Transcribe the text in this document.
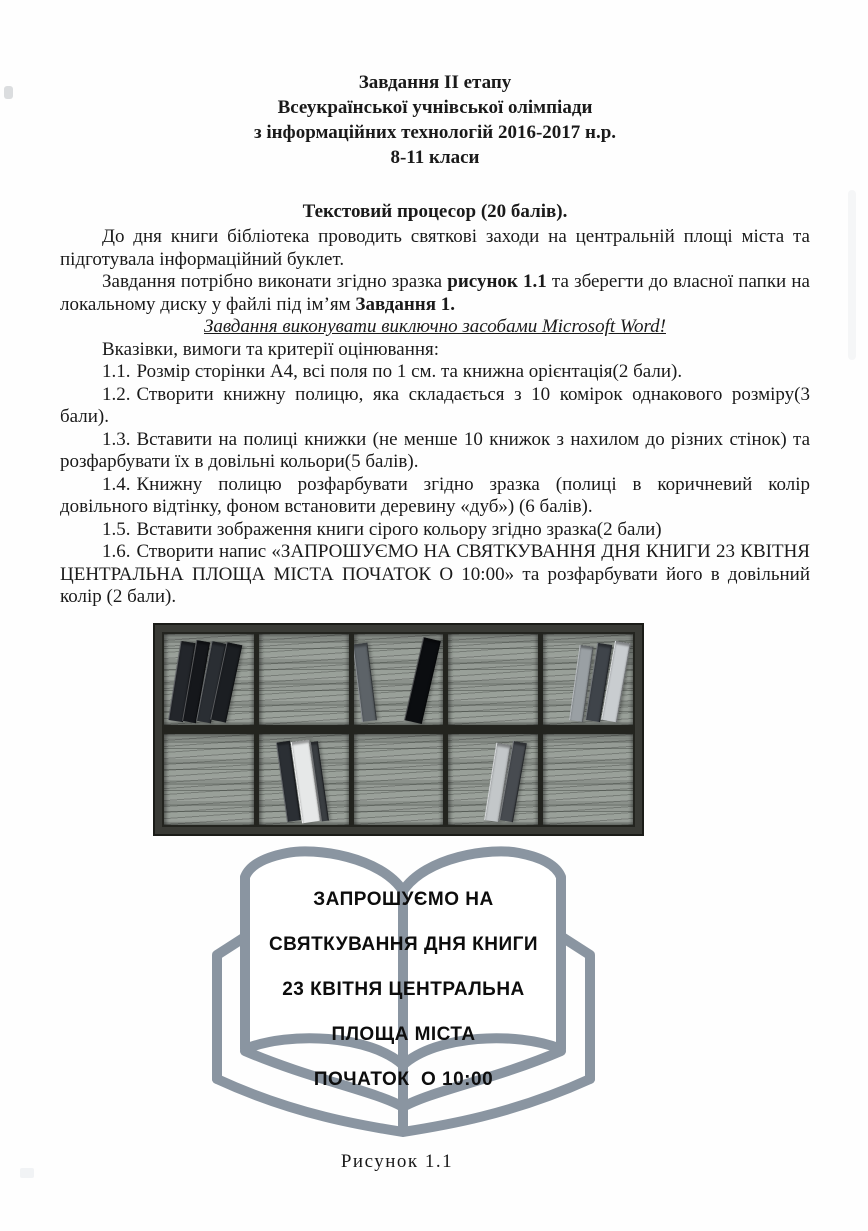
Завдання II етапу
Всеукраїнської учнівської олімпіади
з інформаційних технологій 2016-2017 н.р.
8-11 класи
Текстовий процесор (20 балів).

До дня книги бібліотека проводить святкові заходи на центральній площі міста та підготувала інформаційний буклет.

Завдання потрібно виконати згідно зразка рисунок 1.1 та зберегти до власної папки на локальному диску у файлі під ім’ям Завдання 1.

Завдання виконувати виключно засобами Microsoft Word!

Вказівки, вимоги та критерії оцінювання:

1.1. Розмір сторінки А4, всі поля по 1 см. та книжна орієнтація(2 бали).

1.2. Створити книжну полицю, яка складається з 10 комірок однакового розміру(3 бали).

1.3. Вставити на полиці книжки (не менше 10 книжок з нахилом до різних стінок) та розфарбувати їх в довільні кольори(5 балів).

1.4. Книжну полицю розфарбувати згідно зразка (полиці в коричневий колір довільного відтінку, фоном встановити деревину «дуб») (6 балів).

1.5. Вставити зображення книги сірого кольору згідно зразка(2 бали)

1.6. Створити напис «ЗАПРОШУЄМО НА СВЯТКУВАННЯ ДНЯ КНИГИ 23 КВІТНЯ ЦЕНТРАЛЬНА ПЛОЩА МІСТА ПОЧАТОК О 10:00» та розфарбувати його в довільний колір (2 бали).

ЗАПРОШУЄМО НА
СВЯТКУВАННЯ ДНЯ КНИГИ
23 КВІТНЯ ЦЕНТРАЛЬНА
ПЛОЩА МІСТА
ПОЧАТОК  О 10:00
Рисунок 1.1
